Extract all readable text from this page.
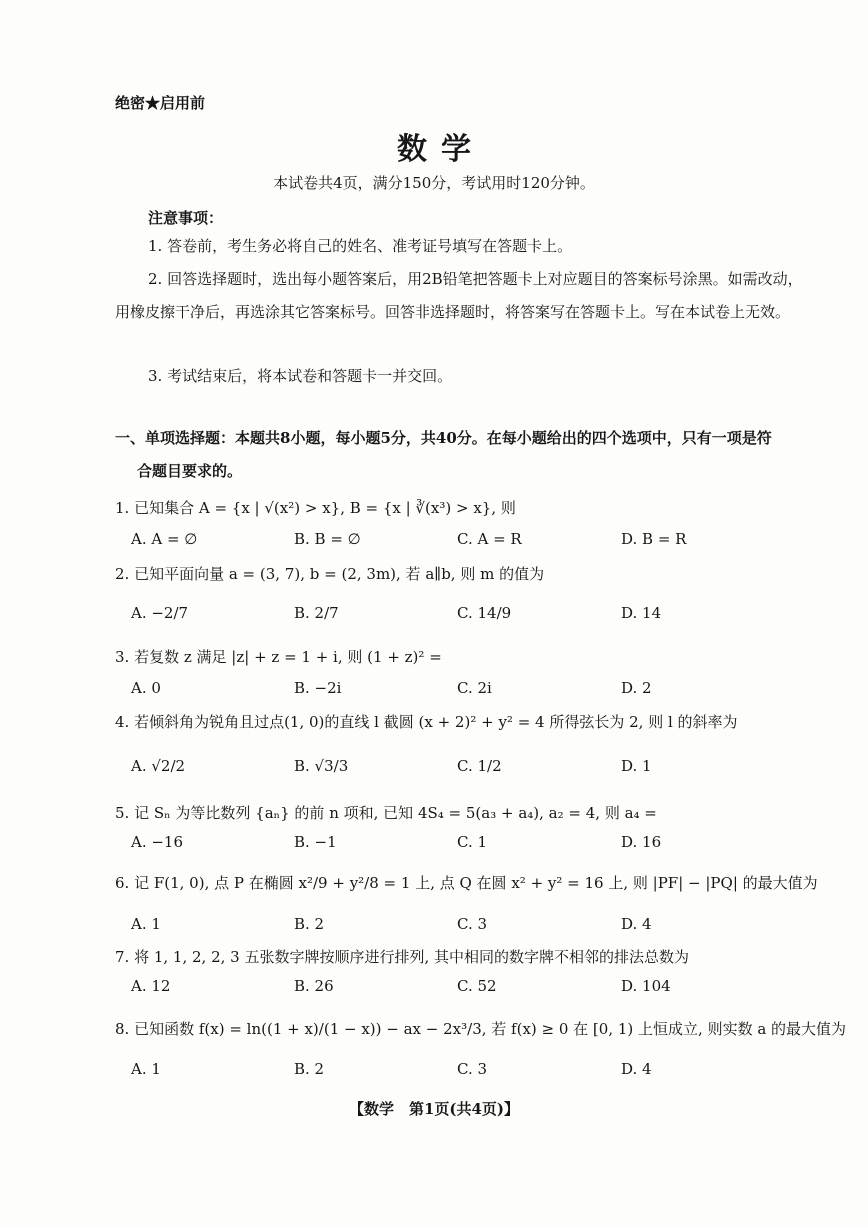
绝密★启用前
数学
本试卷共4页，满分150分，考试用时120分钟。
注意事项：
1. 答卷前，考生务必将自己的姓名、准考证号填写在答题卡上。
2. 回答选择题时，选出每小题答案后，用2B铅笔把答题卡上对应题目的答案标号涂黑。如需改动，用橡皮擦干净后，再选涂其它答案标号。回答非选择题时，将答案写在答题卡上。写在本试卷上无效。
3. 考试结束后，将本试卷和答题卡一并交回。
一、单项选择题：本题共8小题，每小题5分，共40分。在每小题给出的四个选项中，只有一项是符
合题目要求的。
1. 已知集合 A = {x | √(x²) > x}, B = {x | ∛(x³) > x}, 则
A. A = ∅	B. B = ∅	C. A = R	D. B = R
2. 已知平面向量 a = (3, 7), b = (2, 3m), 若 a∥b, 则 m 的值为
A. −2/7	B. 2/7	C. 14/9	D. 14
3. 若复数 z 满足 |z| + z = 1 + i, 则 (1 + z)² =
A. 0	B. −2i	C. 2i	D. 2
4. 若倾斜角为锐角且过点(1, 0)的直线 l 截圆 (x + 2)² + y² = 4 所得弦长为 2, 则 l 的斜率为
A. √2/2	B. √3/3	C. 1/2	D. 1
5. 记 Sₙ 为等比数列 {aₙ} 的前 n 项和, 已知 4S₄ = 5(a₃ + a₄), a₂ = 4, 则 a₄ =
A. −16	B. −1	C. 1	D. 16
6. 记 F(1, 0), 点 P 在椭圆 x²/9 + y²/8 = 1 上, 点 Q 在圆 x² + y² = 16 上, 则 |PF| − |PQ| 的最大值为
A. 1	B. 2	C. 3	D. 4
7. 将 1, 1, 2, 2, 3 五张数字牌按顺序进行排列, 其中相同的数字牌不相邻的排法总数为
A. 12	B. 26	C. 52	D. 104
8. 已知函数 f(x) = ln((1 + x)/(1 − x)) − ax − 2x³/3, 若 f(x) ≥ 0 在 [0, 1) 上恒成立, 则实数 a 的最大值为
A. 1	B. 2	C. 3	D. 4
【数学　第1页(共4页)】
